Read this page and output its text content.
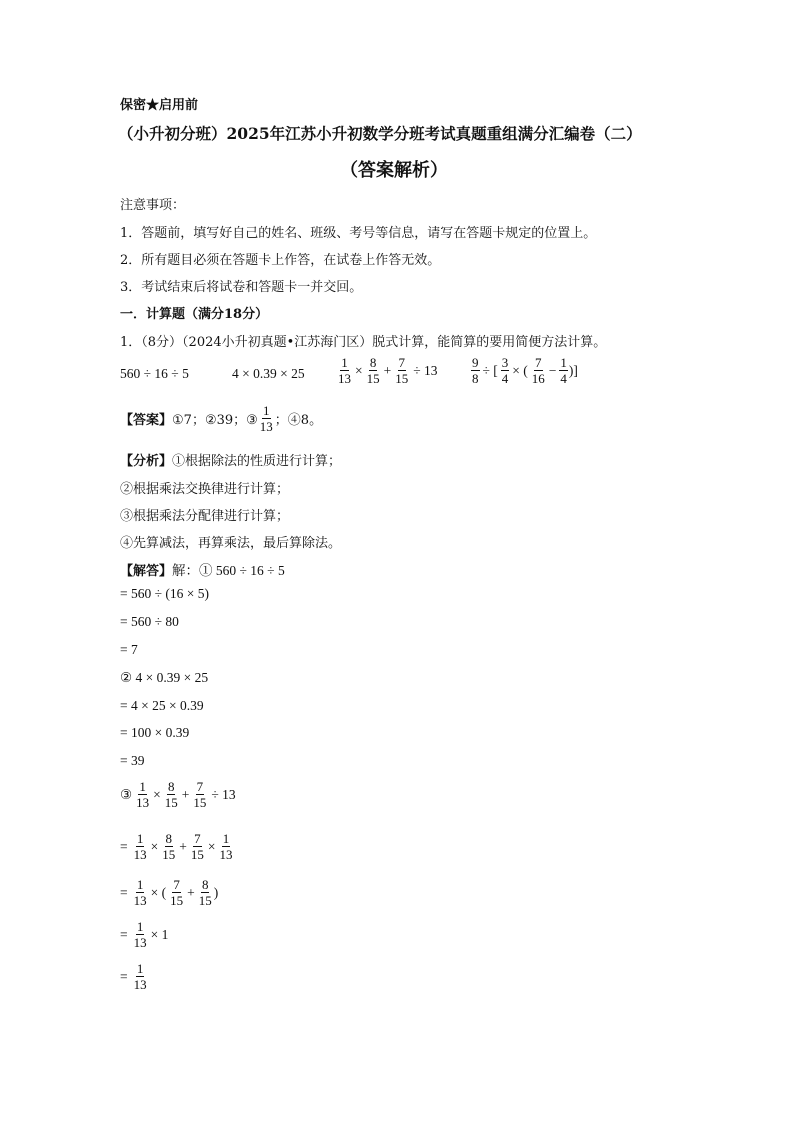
保密★启用前
（小升初分班）2025年江苏小升初数学分班考试真题重组满分汇编卷（二）
（答案解析）
注意事项：
1．答题前，填写好自己的姓名、班级、考号等信息，请写在答题卡规定的位置上。
2．所有题目必须在答题卡上作答，在试卷上作答无效。
3．考试结束后将试卷和答题卡一并交回。
一．计算题（满分18分）
1．（8分）（2024小升初真题•江苏海门区）脱式计算，能简算的要用简便方法计算。
560 ÷ 16 ÷ 5	$4 \times 0.39 \times 25 \frac{1}{13} \times \frac{8}{15} + \frac{7}{15} \div 13$	$\frac{9}{8}$ ÷ [ $\frac{3}{4}$ × ( $\frac{7}{16} - \frac{1}{4}$ )]
【答案】 ①7；②39；③ $\frac{1}{13}$ ；④8。
【分析】 ①根据除法的性质进行计算；
②根据乘法交换律进行计算；
③根据乘法分配律进行计算；
④先算减法，再算乘法，最后算除法。
【解答】 解：① 560 ÷ 16 ÷ 5
= 560 ÷ (16 × 5)
= 560 ÷ 80
= 7
② 4 × 0.39 × 25
= 4 × 25 × 0.39
= 100 × 0.39
= 39
③ $\frac{1}{13} \times \frac{8}{15} + \frac{7}{15} \div 13$
= $\frac{1}{13} \times \frac{8}{15} + \frac{7}{15} \times \frac{1}{13}$
= $\frac{1}{13}$ × ( $\frac{7}{15} + \frac{8}{15}$ )
= $\frac{1}{13} \times 1$
= $\frac{1}{13}$
